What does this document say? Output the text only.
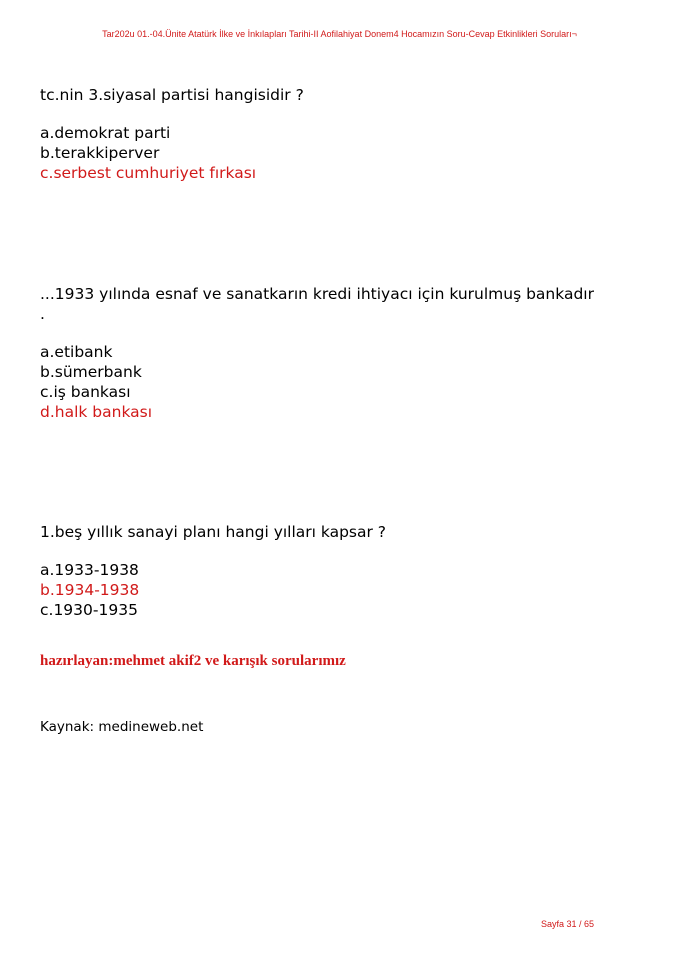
Tar202u 01.-04.Ünite Atatürk İlke ve İnkılapları Tarihi-II Aofilahiyat Donem4 Hocamızın Soru-Cevap Etkinlikleri Soruları¬
tc.nin 3.siyasal partisi hangisidir ?
a.demokrat parti
b.terakkiperver
c.serbest cumhuriyet fırkası
...1933 yılında esnaf ve sanatkarın kredi ihtiyacı için kurulmuş bankadır
.
a.etibank
b.sümerbank
c.iş bankası
d.halk bankası
1.beş yıllık sanayi planı hangi yılları kapsar ?
a.1933-1938
b.1934-1938
c.1930-1935
hazırlayan:mehmet akif2 ve karışık sorularımız
Kaynak: medineweb.net
Sayfa 31 / 65
